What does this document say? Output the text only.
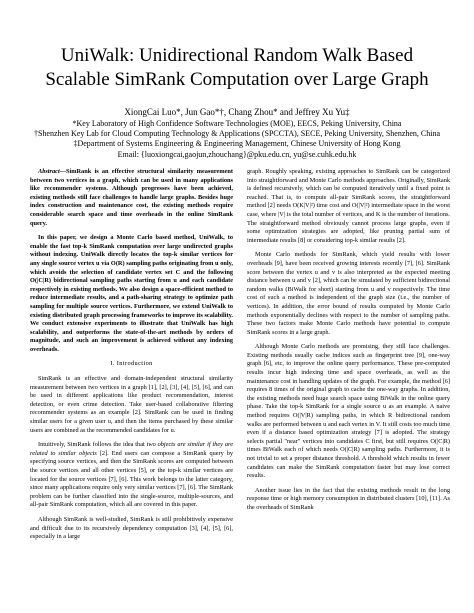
UniWalk: Unidirectional Random Walk Based
Scalable SimRank Computation over Large Graph
XiongCai Luo*, Jun Gao*†, Chang Zhou* and Jeffrey Xu Yu‡
*Key Laboratory of High Confidence Software Technologies (MOE), EECS, Peking University, China
†Shenzhen Key Lab for Cloud Computing Technology & Applications (SPCCTA), SECE, Peking University, Shenzhen, China
‡Department of Systems Engineering & Engineering Management, Chinese University of Hong Kong
Email: {luoxiongcai,gaojun,zhouchang}@pku.edu.cn, yu@se.cuhk.edu.hk

Abstract—SimRank is an effective structural similarity measurement between two vertices in a graph, which can be used in many applications like recommender systems. Although progresses have been achieved, existing methods still face challenges to handle large graphs. Besides huge index construction and maintenance cost, the existing methods require considerable search space and time overheads in the online SimRank query.

In this paper, we design a Monte Carlo based method, UniWalk, to enable the fast top-k SimRank computation over large undirected graphs without indexing. UniWalk directly locates the top-k similar vertices for any single source vertex u via O(R) sampling paths originating from u only, which avoids the selection of candidate vertex set C and the following O(|C|R) bidirectional sampling paths starting from u and each candidate respectively in existing methods. We also design a space-efficient method to reduce intermediate results, and a path-sharing strategy to optimize path sampling for multiple source vertices. Furthermore, we extend UniWalk to existing distributed graph processing frameworks to improve its scalability. We conduct extensive experiments to illustrate that UniWalk has high scalability, and outperforms the state-of-the-art methods by orders of magnitude, and such an improvement is achieved without any indexing overheads.

I. Introduction

SimRank is an effective and domain-independent structural similarity measurement between two vertices in a graph [1], [2], [3], [4], [5], [6], and can be used in different applications like product recommendation, interest detection, or even crime detection. Take user-based collaborative filtering recommender systems as an example [2]. SimRank can be used in finding similar users for a given user u, and then the items purchased by these similar users are combined as the recommended candidates for u.

Intuitively, SimRank follows the idea that two objects are similar if they are related to similar objects [2]. End users can compose a SimRank query by specifying source vertices, and then the SimRank scores are computed between the source vertices and all other vertices [5], or the top-k similar vertices are located for the source vertices [7], [6]. This work belongs to the latter category, since many applications require only very similar vertices [7], [6]. The SimRank problem can be further classified into the single-source, multiple-sources, and all-pair SimRank computation, which all are covered in this paper.

Although SimRank is well-studied, SimRank is still prohibitively expensive and difficult due to its recursively dependency computation [3], [4], [5], [6], especially in a large

graph. Roughly speaking, existing approaches to SimRank can be categorized into straightforward and Monte Carlo methods approaches. Originally, SimRank is defined recursively, which can be computed iteratively until a fixed point is reached. That is, to compute all-pair SimRank scores, the straightforward method [2] needs O(K|V|²) time cost and O(|V|²) intermediate space in the worst case, where |V| is the total number of vertices, and K is the number of iterations. The straightforward method obviously cannot process large graphs, even if some optimization strategies are adopted, like pruning partial sum of intermediate results [8] or considering top-k similar results [2].

Monte Carlo methods for SimRank, which yield results with lower overheads [9], have been received growing interests recently [7], [6]. SimRank score between the vertex u and v is also interpreted as the expected meeting distance between u and v [2], which can be simulated by sufficient bidirectional random walks (BiWalk for short) starting from u and v respectively. The time cost of such a method is independent of the graph size (i.e., the number of vertices). In addition, the error bound of results computed by Monte Carlo methods exponentially declines with respect to the number of sampling paths. These two factors make Monte Carlo methods have potential to compute SimRank scores in a large graph.

Although Monte Carlo methods are promising, they still face challenges. Existing methods usually cache indices such as fingerprint tree [9], one-way graph [6], etc, to improve the online query performance. These pre-computed results incur high indexing time and space overheads, as well as the maintenance cost in handling updates of the graph. For example, the method [6] requires 8 times of the original graph to cache the one-way graphs. In addition, the existing methods need huge search space using BiWalk in the online query phase. Take the top-k SimRank for a single source u as an example. A naive method requires O(|V|R) sampling paths, in which R bidirectional random walks are performed between u and each vertex in V. It still costs too much time even if a distance based optimization strategy [7] is adopted. The strategy selects partial "near" vertices into candidates C first, but still requires O(|C|R) times BiWalk each of which needs O(|C|R) sampling paths. Furthermore, it is not trivial to set a proper distance threshold. A threshold which results in fewer candidates can make the SimRank computation faster but may lose correct results.

Another issue lies in the fact that the existing methods result in the long response time or high memory consumption in distributed clusters [10], [11]. As the overheads of SimRank
